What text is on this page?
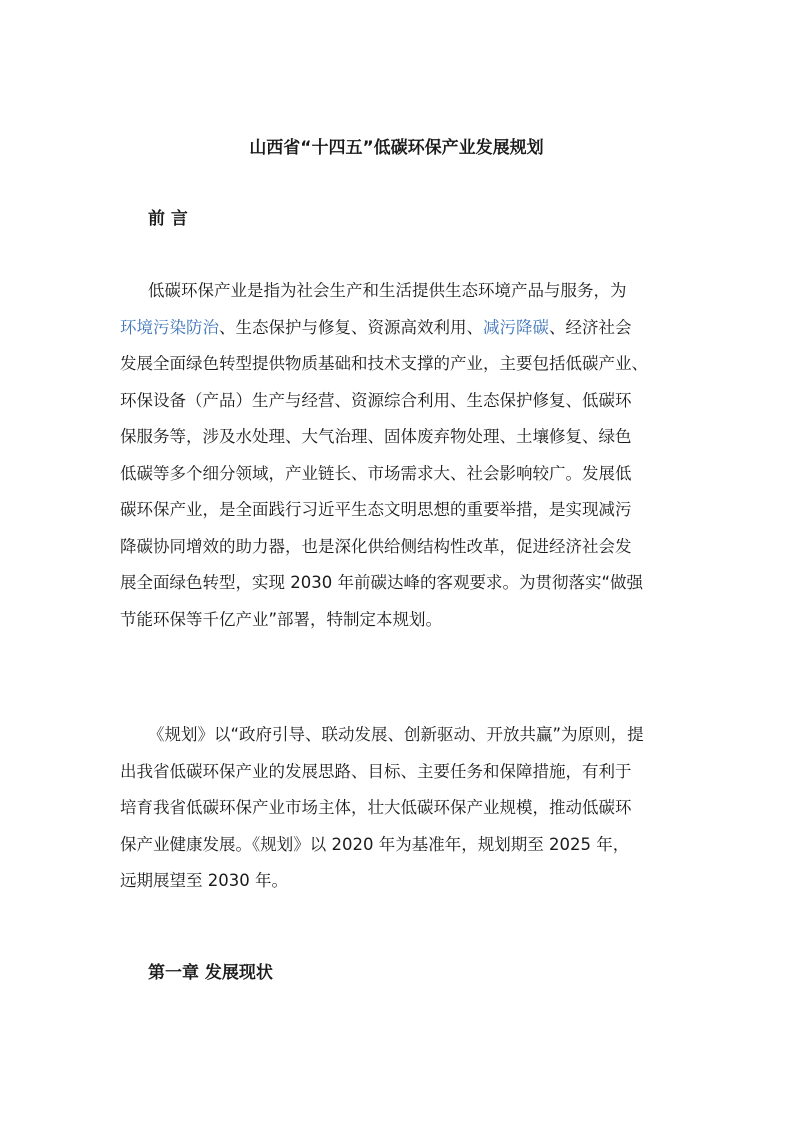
山西省“十四五”低碳环保产业发展规划
前 言
低碳环保产业是指为社会生产和生活提供生态环境产品与服务，为
环境污染防治、生态保护与修复、资源高效利用、减污降碳、经济社会
发展全面绿色转型提供物质基础和技术支撑的产业，主要包括低碳产业、
环保设备（产品）生产与经营、资源综合利用、生态保护修复、低碳环
保服务等，涉及水处理、大气治理、固体废弃物处理、土壤修复、绿色
低碳等多个细分领域，产业链长、市场需求大、社会影响较广。发展低
碳环保产业，是全面践行习近平生态文明思想的重要举措，是实现减污
降碳协同增效的助力器，也是深化供给侧结构性改革，促进经济社会发
展全面绿色转型，实现 2030 年前碳达峰的客观要求。为贯彻落实“做强
节能环保等千亿产业”部署，特制定本规划。
《规划》以“政府引导、联动发展、创新驱动、开放共赢”为原则，提
出我省低碳环保产业的发展思路、目标、主要任务和保障措施，有利于
培育我省低碳环保产业市场主体，壮大低碳环保产业规模，推动低碳环
保产业健康发展。《规划》以 2020 年为基准年，规划期至 2025 年，
远期展望至 2030 年。
第一章 发展现状
